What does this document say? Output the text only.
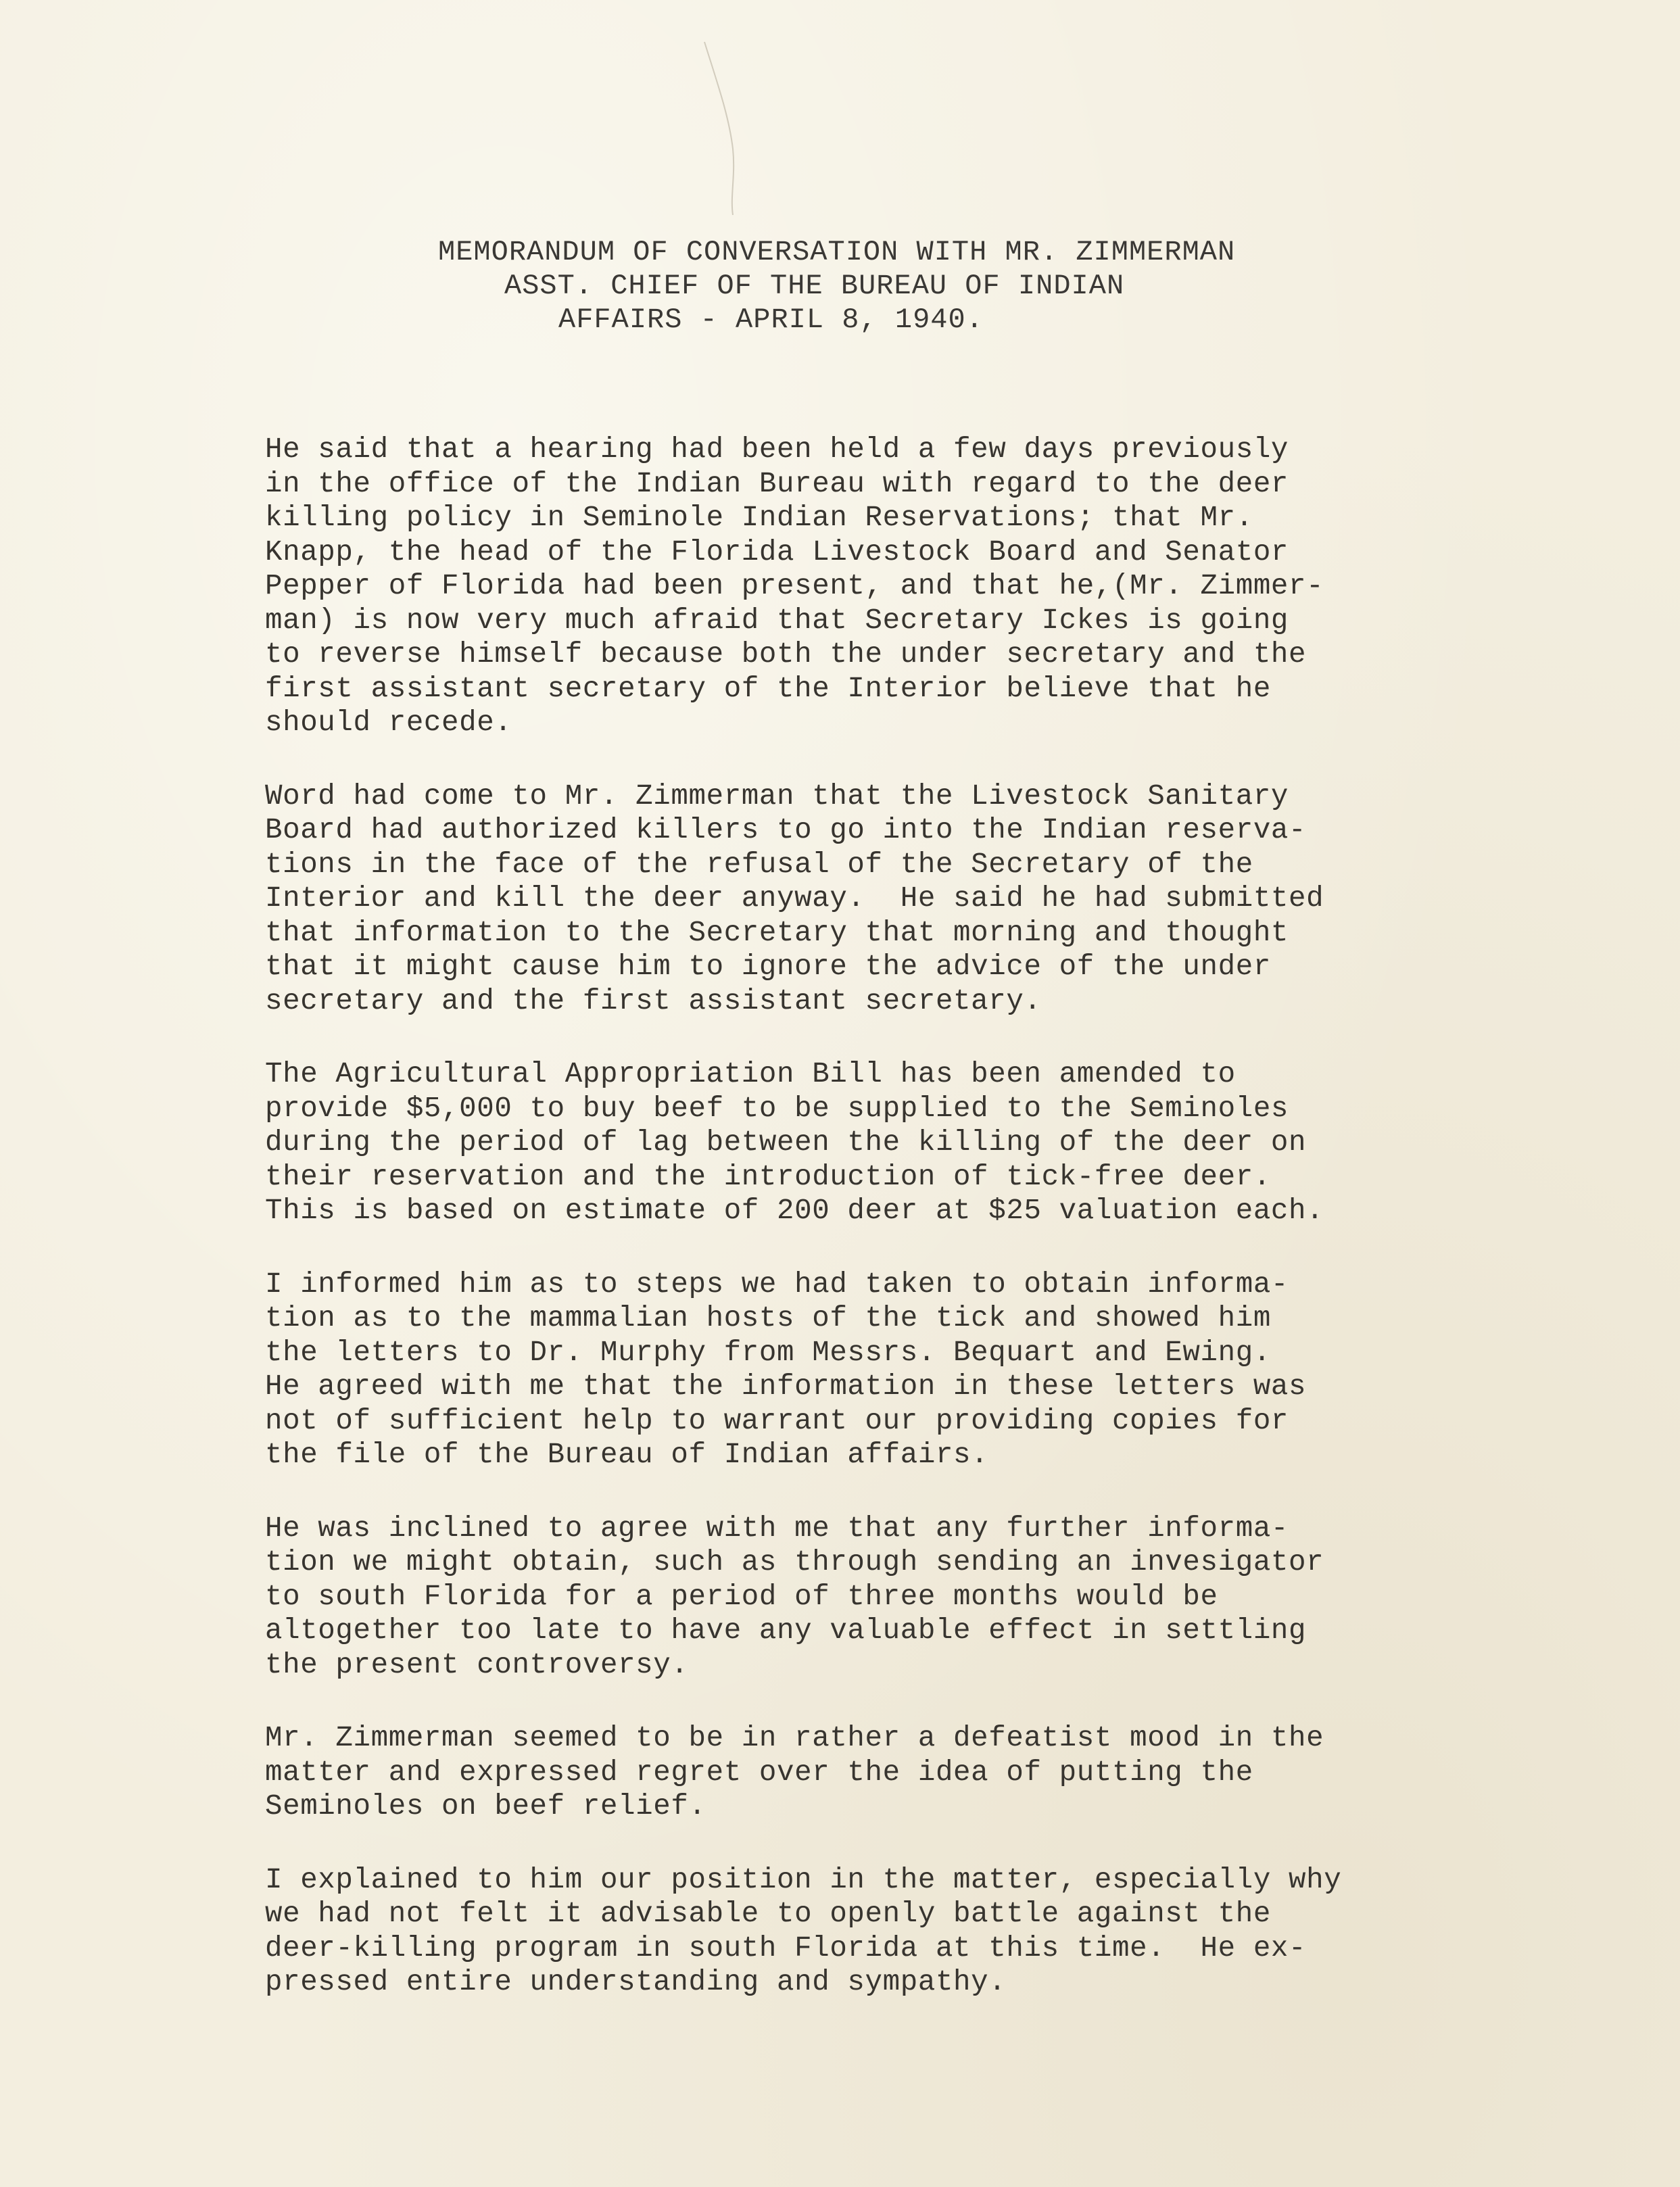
MEMORANDUM OF CONVERSATION WITH MR. ZIMMERMAN
ASST. CHIEF OF THE BUREAU OF INDIAN
AFFAIRS - APRIL 8, 1940.
He said that a hearing had been held a few days previously
in the office of the Indian Bureau with regard to the deer
killing policy in Seminole Indian Reservations; that Mr.
Knapp, the head of the Florida Livestock Board and Senator
Pepper of Florida had been present, and that he,(Mr. Zimmer-
man) is now very much afraid that Secretary Ickes is going
to reverse himself because both the under secretary and the
first assistant secretary of the Interior believe that he
should recede.
Word had come to Mr. Zimmerman that the Livestock Sanitary
Board had authorized killers to go into the Indian reserva-
tions in the face of the refusal of the Secretary of the
Interior and kill the deer anyway.  He said he had submitted
that information to the Secretary that morning and thought
that it might cause him to ignore the advice of the under
secretary and the first assistant secretary.
The Agricultural Appropriation Bill has been amended to
provide $5,000 to buy beef to be supplied to the Seminoles
during the period of lag between the killing of the deer on
their reservation and the introduction of tick-free deer.
This is based on estimate of 200 deer at $25 valuation each.
I informed him as to steps we had taken to obtain informa-
tion as to the mammalian hosts of the tick and showed him
the letters to Dr. Murphy from Messrs. Bequart and Ewing.
He agreed with me that the information in these letters was
not of sufficient help to warrant our providing copies for
the file of the Bureau of Indian affairs.
He was inclined to agree with me that any further informa-
tion we might obtain, such as through sending an invesigator
to south Florida for a period of three months would be
altogether too late to have any valuable effect in settling
the present controversy.
Mr. Zimmerman seemed to be in rather a defeatist mood in the
matter and expressed regret over the idea of putting the
Seminoles on beef relief.
I explained to him our position in the matter, especially why
we had not felt it advisable to openly battle against the
deer-killing program in south Florida at this time.  He ex-
pressed entire understanding and sympathy.
